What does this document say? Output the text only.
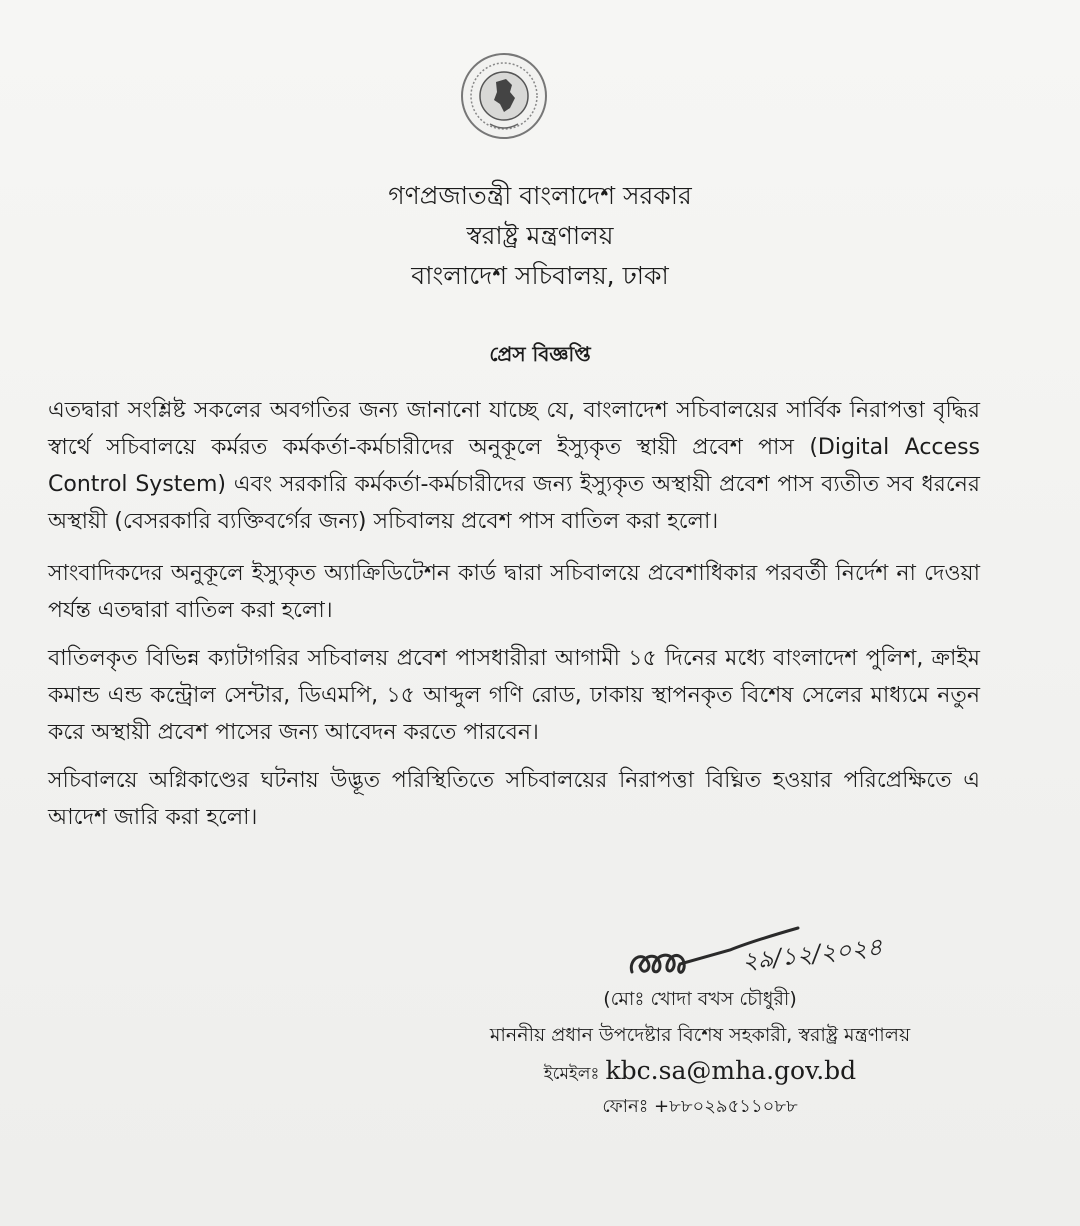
গণপ্রজাতন্ত্রী বাংলাদেশ সরকার
স্বরাষ্ট্র মন্ত্রণালয়
বাংলাদেশ সচিবালয়, ঢাকা
প্রেস বিজ্ঞপ্তি
এতদ্বারা সংশ্লিষ্ট সকলের অবগতির জন্য জানানো যাচ্ছে যে, বাংলাদেশ সচিবালয়ের সার্বিক নিরাপত্তা বৃদ্ধির স্বার্থে সচিবালয়ে কর্মরত কর্মকর্তা-কর্মচারীদের অনুকূলে ইস্যুকৃত স্থায়ী প্রবেশ পাস (Digital Access Control System) এবং সরকারি কর্মকর্তা-কর্মচারীদের জন্য ইস্যুকৃত অস্থায়ী প্রবেশ পাস ব্যতীত সব ধরনের অস্থায়ী (বেসরকারি ব্যক্তিবর্গের জন্য) সচিবালয় প্রবেশ পাস বাতিল করা হলো।
সাংবাদিকদের অনুকূলে ইস্যুকৃত অ্যাক্রিডিটেশন কার্ড দ্বারা সচিবালয়ে প্রবেশাধিকার পরবর্তী নির্দেশ না দেওয়া পর্যন্ত এতদ্বারা বাতিল করা হলো।
বাতিলকৃত বিভিন্ন ক্যাটাগরির সচিবালয় প্রবেশ পাসধারীরা আগামী ১৫ দিনের মধ্যে বাংলাদেশ পুলিশ, ক্রাইম কমান্ড এন্ড কন্ট্রোল সেন্টার, ডিএমপি, ১৫ আব্দুল গণি রোড, ঢাকায় স্থাপনকৃত বিশেষ সেলের মাধ্যমে নতুন করে অস্থায়ী প্রবেশ পাসের জন্য আবেদন করতে পারবেন।
সচিবালয়ে অগ্নিকাণ্ডের ঘটনায় উদ্ভূত পরিস্থিতিতে সচিবালয়ের নিরাপত্তা বিঘ্নিত হওয়ার পরিপ্রেক্ষিতে এ আদেশ জারি করা হলো।
২৯/১২/২০২৪
(মোঃ খোদা বখস চৌধুরী)
মাননীয় প্রধান উপদেষ্টার বিশেষ সহকারী, স্বরাষ্ট্র মন্ত্রণালয়
ইমেইলঃ kbc.sa@mha.gov.bd
ফোনঃ +৮৮০২৯৫১১০৮৮
